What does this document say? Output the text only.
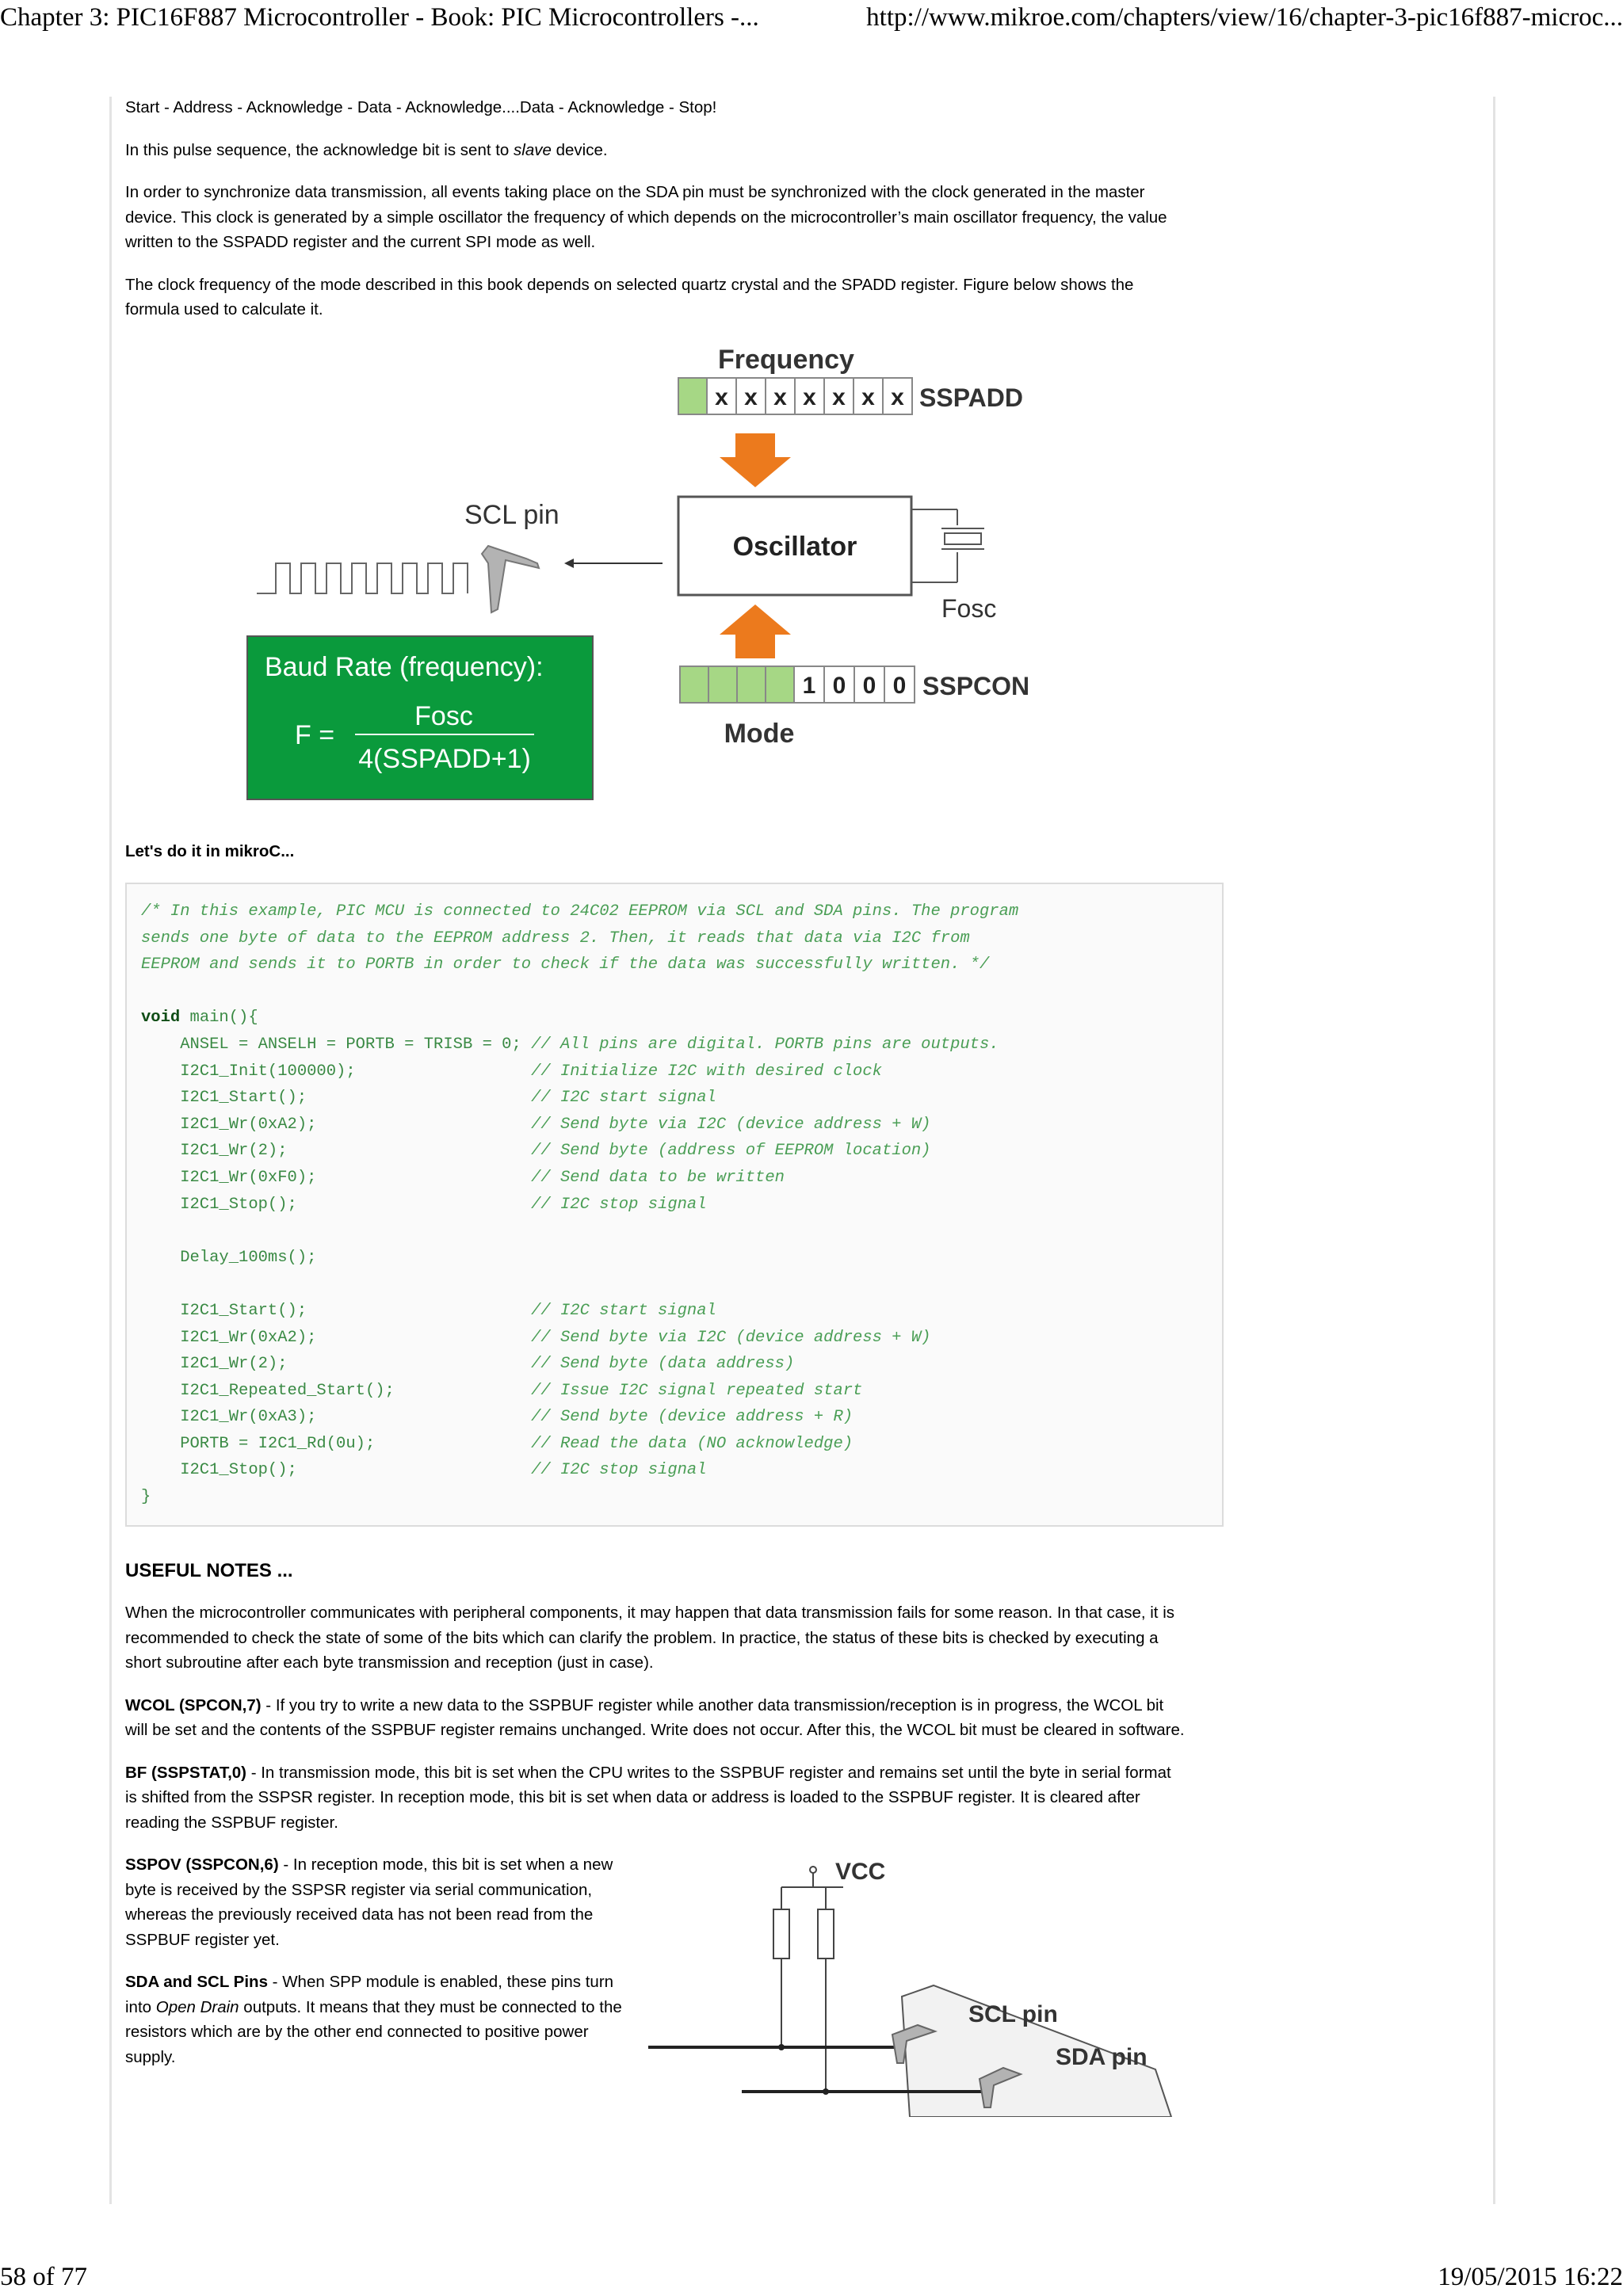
Chapter 3: PIC16F887 Microcontroller - Book: PIC Microcontrollers -...	http://www.mikroe.com/chapters/view/16/chapter-3-pic16f887-microc...

Start - Address - Acknowledge - Data - Acknowledge....Data - Acknowledge - Stop!

In this pulse sequence, the acknowledge bit is sent to slave device.

In order to synchronize data transmission, all events taking place on the SDA pin must be synchronized with the clock generated in the master device. This clock is generated by a simple oscillator the frequency of which depends on the microcontroller’s main oscillator frequency, the value written to the SSPADD register and the current SPI mode as well.

The clock frequency of the mode described in this book depends on selected quartz crystal and the SPADD register. Figure below shows the formula used to calculate it.

Frequency
x x x x x x x SSPADD
Oscillator
Fosc
1 0 0 0 SSPCON
Mode
SCL pin
Baud Rate (frequency):
F =
Fosc
4(SSPADD+1)

Let's do it in mikroC...

/* In this example, PIC MCU is connected to 24C02 EEPROM via SCL and SDA pins. The program
sends one byte of data to the EEPROM address 2. Then, it reads that data via I2C from
EEPROM and sends it to PORTB in order to check if the data was successfully written. */
void main(){
ANSEL = ANSELH = PORTB = TRISB = 0; // All pins are digital. PORTB pins are outputs.
I2C1_Init(100000);                  // Initialize I2C with desired clock
I2C1_Start();                       // I2C start signal
I2C1_Wr(0xA2);                      // Send byte via I2C (device address + W)
I2C1_Wr(2);                         // Send byte (address of EEPROM location)
I2C1_Wr(0xF0);                      // Send data to be written
I2C1_Stop();                        // I2C stop signal
Delay_100ms();
I2C1_Start();                       // I2C start signal
I2C1_Wr(0xA2);                      // Send byte via I2C (device address + W)
I2C1_Wr(2);                         // Send byte (data address)
I2C1_Repeated_Start();              // Issue I2C signal repeated start
I2C1_Wr(0xA3);                      // Send byte (device address + R)
PORTB = I2C1_Rd(0u);                // Read the data (NO acknowledge)
I2C1_Stop();                        // I2C stop signal
}
USEFUL NOTES ...

When the microcontroller communicates with peripheral components, it may happen that data transmission fails for some reason. In that case, it is recommended to check the state of some of the bits which can clarify the problem. In practice, the status of these bits is checked by executing a short subroutine after each byte transmission and reception (just in case).

WCOL (SPCON,7) - If you try to write a new data to the SSPBUF register while another data transmission/reception is in progress, the WCOL bit will be set and the contents of the SSPBUF register remains unchanged. Write does not occur. After this, the WCOL bit must be cleared in software.

BF (SSPSTAT,0) - In transmission mode, this bit is set when the CPU writes to the SSPBUF register and remains set until the byte in serial format is shifted from the SSPSR register. In reception mode, this bit is set when data or address is loaded to the SSPBUF register. It is cleared after reading the SSPBUF register.

SSPOV (SSPCON,6) - In reception mode, this bit is set when a new byte is received by the SSPSR register via serial communication, whereas the previously received data has not been read from the SSPBUF register yet.

SDA and SCL Pins - When SPP module is enabled, these pins turn into Open Drain outputs. It means that they must be connected to the resistors which are by the other end connected to positive power supply.

VCC
SCL pin
SDA pin
58 of 77	19/05/2015 16:22
